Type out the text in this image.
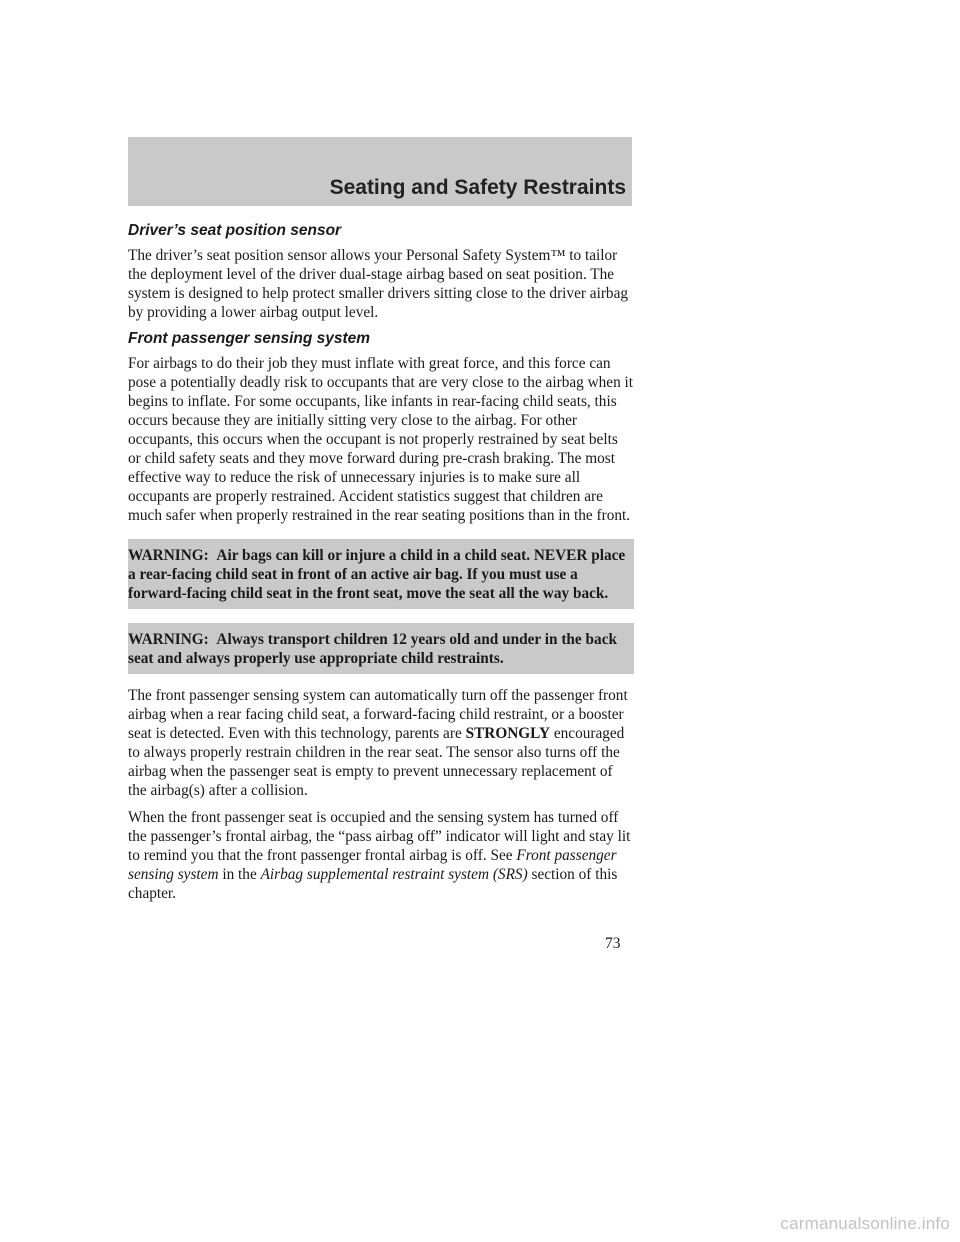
Seating and Safety Restraints
Driver’s seat position sensor

The driver’s seat position sensor allows your Personal Safety System™ to tailor the deployment level of the driver dual-stage airbag based on seat position. The system is designed to help protect smaller drivers sitting close to the driver airbag by providing a lower airbag output level.

Front passenger sensing system

For airbags to do their job they must inflate with great force, and this force can pose a potentially deadly risk to occupants that are very close to the airbag when it begins to inflate. For some occupants, like infants in rear-facing child seats, this occurs because they are initially sitting very close to the airbag. For other occupants, this occurs when the occupant is not properly restrained by seat belts or child safety seats and they move forward during pre-crash braking. The most effective way to reduce the risk of unnecessary injuries is to make sure all occupants are properly restrained. Accident statistics suggest that children are much safer when properly restrained in the rear seating positions than in the front.

WARNING: Air bags can kill or injure a child in a child seat. NEVER place a rear-facing child seat in front of an active air bag. If you must use a forward-facing child seat in the front seat, move the seat all the way back.
WARNING: Always transport children 12 years old and under in the back seat and always properly use appropriate child restraints.

The front passenger sensing system can automatically turn off the passenger front airbag when a rear facing child seat, a forward-facing child restraint, or a booster seat is detected. Even with this technology, parents are STRONGLY encouraged to always properly restrain children in the rear seat. The sensor also turns off the airbag when the passenger seat is empty to prevent unnecessary replacement of the airbag(s) after a collision.

When the front passenger seat is occupied and the sensing system has turned off the passenger’s frontal airbag, the “pass airbag off” indicator will light and stay lit to remind you that the front passenger frontal airbag is off. See Front passenger sensing system in the Airbag supplemental restraint system (SRS) section of this chapter.

73
carmanualsonline.info
